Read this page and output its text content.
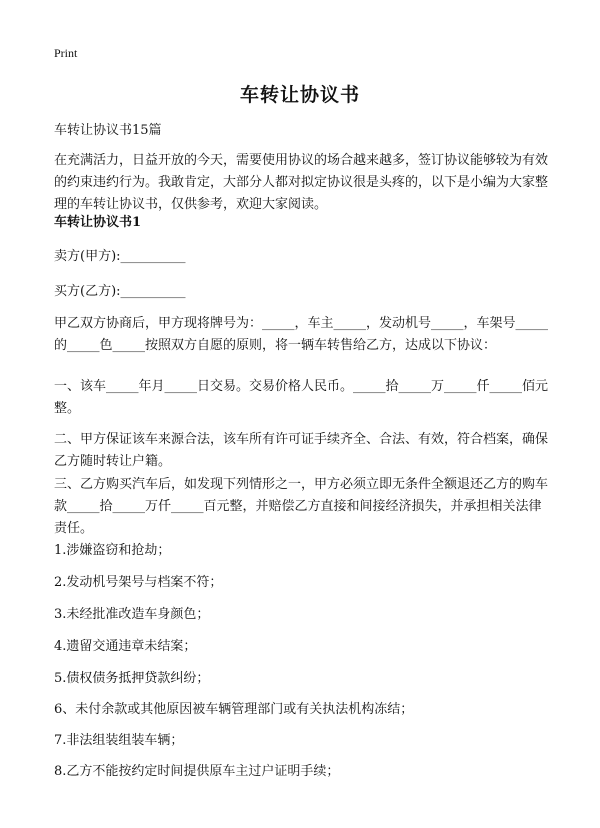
Print
车转让协议书

车转让协议书15篇

在充满活力，日益开放的今天，需要使用协议的场合越来越多，签订协议能够较为有效的约束违约行为。我敢肯定，大部分人都对拟定协议很是头疼的，以下是小编为大家整理的车转让协议书，仅供参考，欢迎大家阅读。

车转让协议书1

卖方(甲方):__________

买方(乙方):__________

甲乙双方协商后，甲方现将牌号为：_____，车主_____，发动机号_____，车架号_____的_____色_____按照双方自愿的原则，将一辆车转售给乙方，达成以下协议：

一、该车_____年月_____日交易。交易价格人民币。_____拾_____万_____仟_____佰元整。

二、甲方保证该车来源合法，该车所有许可证手续齐全、合法、有效，符合档案，确保乙方随时转让户籍。

三、乙方购买汽车后，如发现下列情形之一，甲方必须立即无条件全额退还乙方的购车款_____拾_____万仟_____百元整，并赔偿乙方直接和间接经济损失，并承担相关法律责任。

1.涉嫌盗窃和抢劫；
2.发动机号架号与档案不符；
3.未经批准改造车身颜色；
4.遗留交通违章未结案；
5.债权债务抵押贷款纠纷；
6、未付余款或其他原因被车辆管理部门或有关执法机构冻结；
7.非法组装组装车辆；
8.乙方不能按约定时间提供原车主过户证明手续；
